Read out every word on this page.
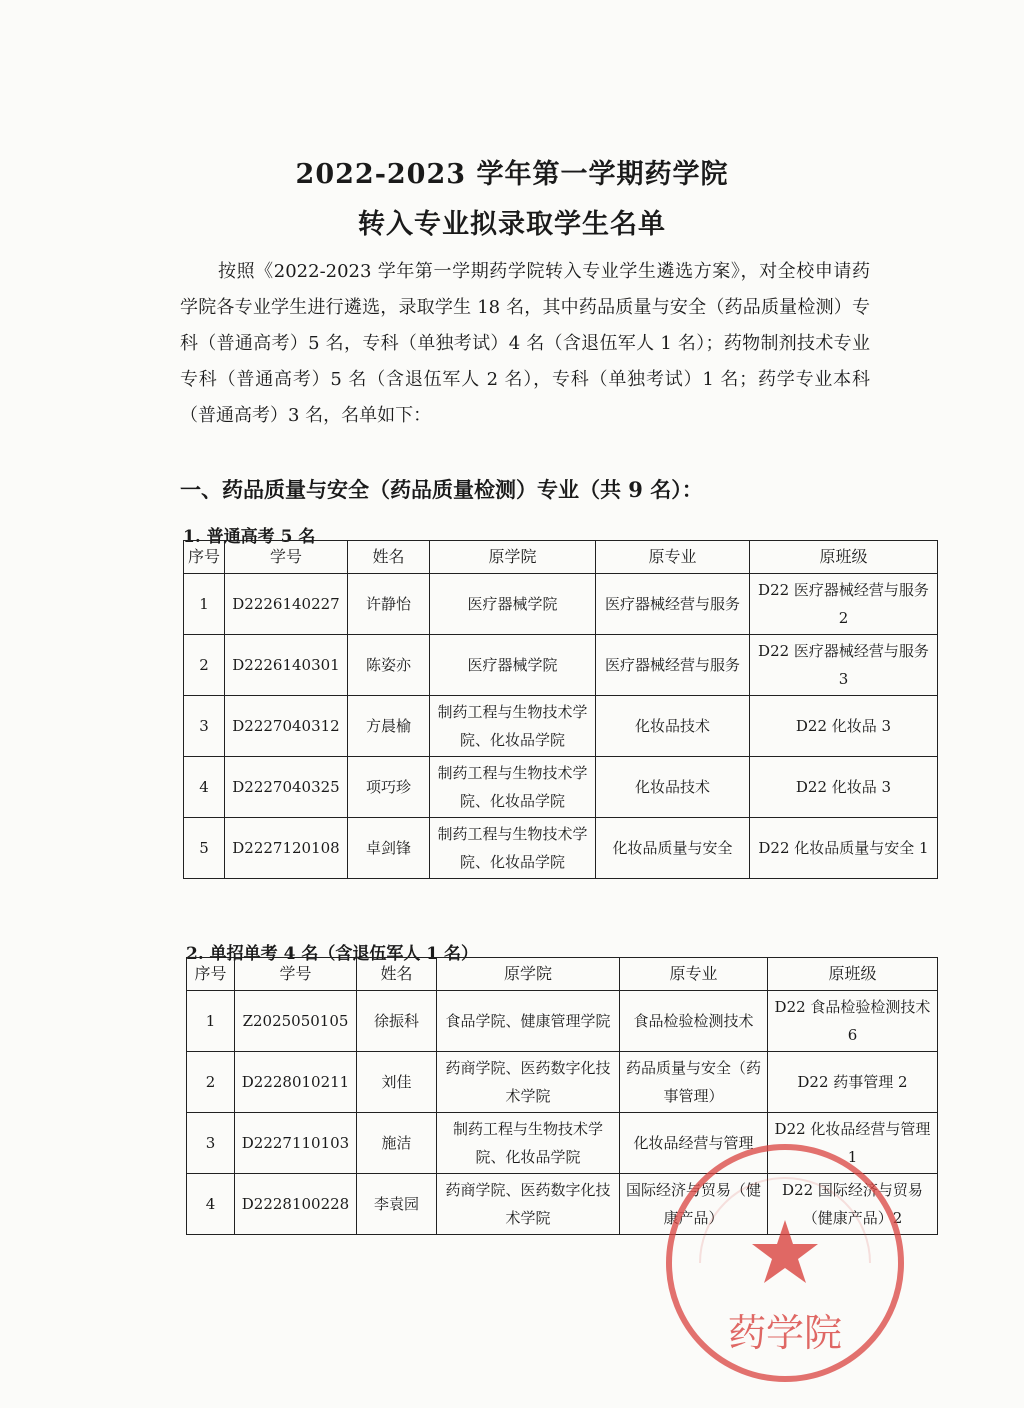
2022-2023 学年第一学期药学院
转入专业拟录取学生名单

按照《2022-2023 学年第一学期药学院转入专业学生遴选方案》，对全校申请药学院各专业学生进行遴选，录取学生 18 名，其中药品质量与安全（药品质量检测）专科（普通高考）5 名，专科（单独考试）4 名（含退伍军人 1 名）；药物制剂技术专业专科（普通高考）5 名（含退伍军人 2 名），专科（单独考试）1 名；药学专业本科（普通高考）3 名，名单如下：

一、药品质量与安全（药品质量检测）专业（共 9 名）：
1. 普通高考 5 名
序号	学号	姓名	原学院	原专业	原班级
1	D2226140227	许静怡	医疗器械学院	医疗器械经营与服务	D22 医疗器械经营与服务 2
2	D2226140301	陈姿亦	医疗器械学院	医疗器械经营与服务	D22 医疗器械经营与服务 3
3	D2227040312	方晨榆	制药工程与生物技术学院、化妆品学院	化妆品技术	D22 化妆品 3
4	D2227040325	项巧珍	制药工程与生物技术学院、化妆品学院	化妆品技术	D22 化妆品 3
5	D2227120108	卓剑锋	制药工程与生物技术学院、化妆品学院	化妆品质量与安全	D22 化妆品质量与安全 1
2. 单招单考 4 名（含退伍军人 1 名）
序号	学号	姓名	原学院	原专业	原班级
1	Z2025050105	徐振科	食品学院、健康管理学院	食品检验检测技术	D22 食品检验检测技术 6
2	D2228010211	刘佳	药商学院、医药数字化技术学院	药品质量与安全（药事管理）	D22 药事管理 2
3	D2227110103	施洁	制药工程与生物技术学院、化妆品学院	化妆品经营与管理	D22 化妆品经营与管理 1
4	D2228100228	李袁园	药商学院、医药数字化技术学院	国际经济与贸易（健康产品）	D22 国际经济与贸易（健康产品）2
药学院
